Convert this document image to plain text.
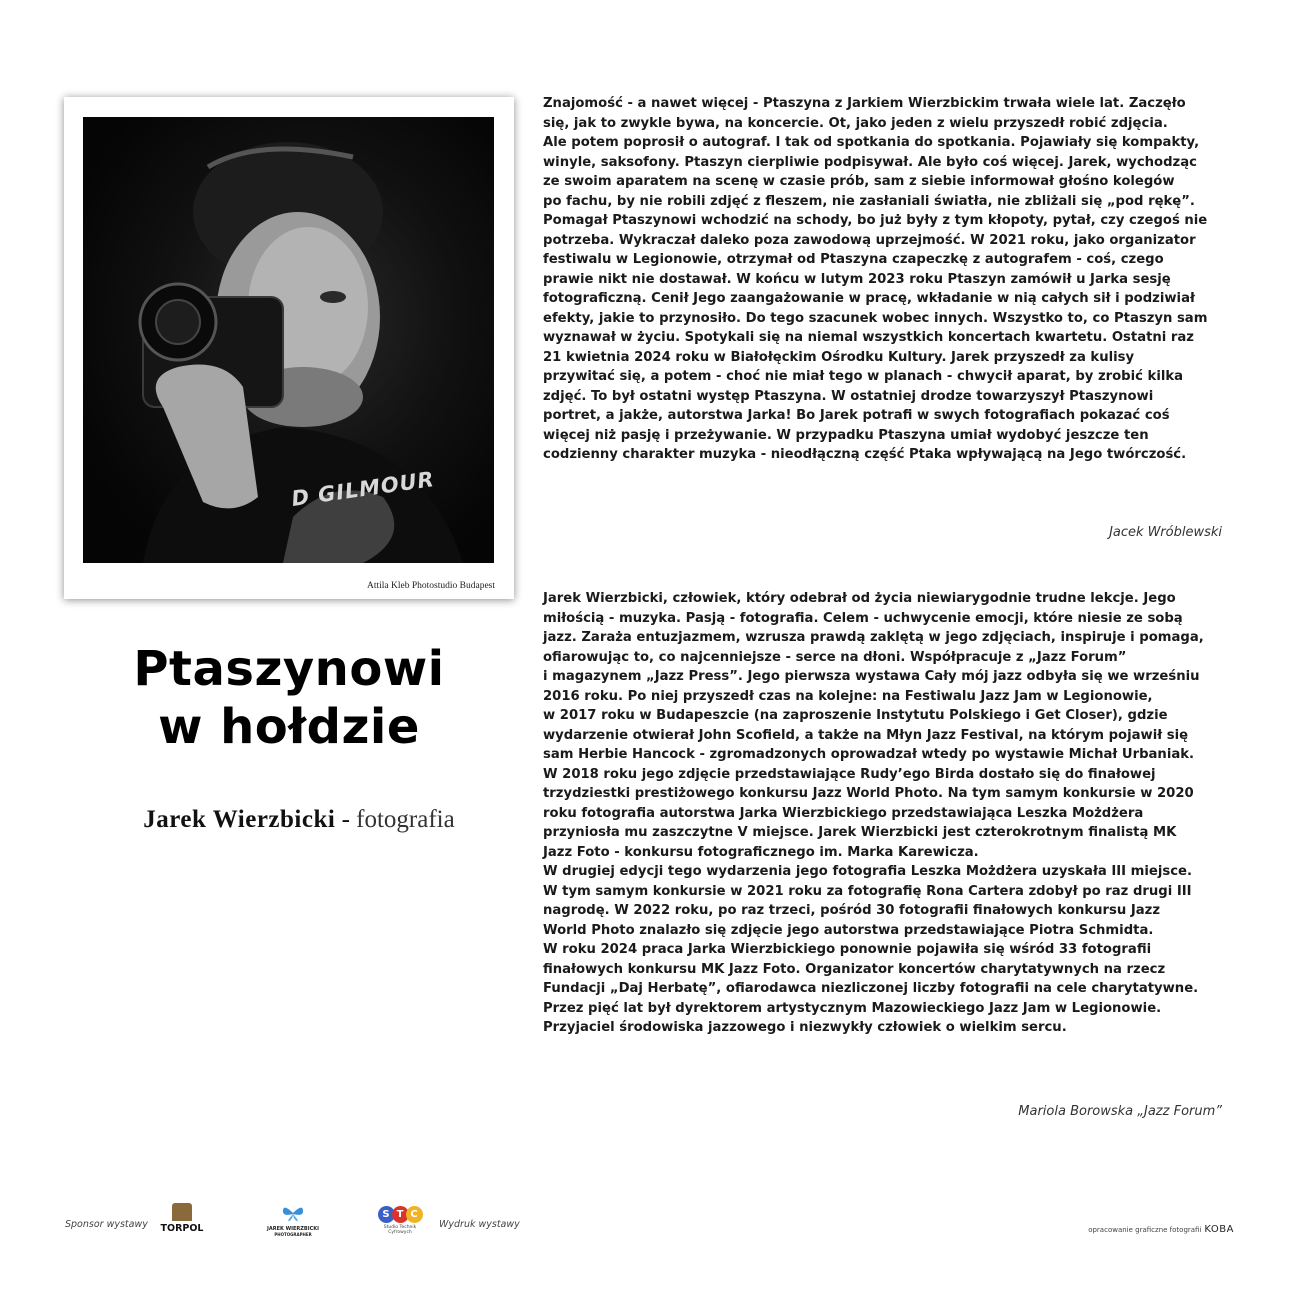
D GILMOUR
Attila Kleb Photostudio Budapest
Ptaszynowi
w hołdzie
Jarek Wierzbicki - fotografia
Znajomość - a nawet więcej - Ptaszyna z Jarkiem Wierzbickim trwała wiele lat. Zaczęło
się, jak to zwykle bywa, na koncercie. Ot, jako jeden z wielu przyszedł robić zdjęcia.
Ale potem poprosił o autograf. I tak od spotkania do spotkania. Pojawiały się kompakty,
winyle, saksofony. Ptaszyn cierpliwie podpisywał. Ale było coś więcej. Jarek, wychodząc
ze swoim aparatem na scenę w czasie prób, sam z siebie informował głośno kolegów
po fachu, by nie robili zdjęć z fleszem, nie zasłaniali światła, nie zbliżali się „pod rękę”.
Pomagał Ptaszynowi wchodzić na schody, bo już były z tym kłopoty, pytał, czy czegoś nie
potrzeba. Wykraczał daleko poza zawodową uprzejmość. W 2021 roku, jako organizator
festiwalu w Legionowie, otrzymał od Ptaszyna czapeczkę z autografem - coś, czego
prawie nikt nie dostawał. W końcu w lutym 2023 roku Ptaszyn zamówił u Jarka sesję
fotograficzną. Cenił Jego zaangażowanie w pracę, wkładanie w nią całych sił i podziwiał
efekty, jakie to przynosiło. Do tego szacunek wobec innych. Wszystko to, co Ptaszyn sam
wyznawał w życiu. Spotykali się na niemal wszystkich koncertach kwartetu. Ostatni raz
21 kwietnia 2024 roku w Białołęckim Ośrodku Kultury. Jarek przyszedł za kulisy
przywitać się, a potem - choć nie miał tego w planach - chwycił aparat, by zrobić kilka
zdjęć. To był ostatni występ Ptaszyna. W ostatniej drodze towarzyszył Ptaszynowi
portret, a jakże, autorstwa Jarka! Bo Jarek potrafi w swych fotografiach pokazać coś
więcej niż pasję i przeżywanie. W przypadku Ptaszyna umiał wydobyć jeszcze ten
codzienny charakter muzyka - nieodłączną część Ptaka wpływającą na Jego twórczość.
Jacek Wróblewski
Jarek Wierzbicki, człowiek, który odebrał od życia niewiarygodnie trudne lekcje. Jego
miłością - muzyka. Pasją - fotografia. Celem - uchwycenie emocji, które niesie ze sobą
jazz. Zaraża entuzjazmem, wzrusza prawdą zaklętą w jego zdjęciach, inspiruje i pomaga,
ofiarowując to, co najcenniejsze - serce na dłoni. Współpracuje z „Jazz Forum”
i magazynem „Jazz Press”. Jego pierwsza wystawa Cały mój jazz odbyła się we wrześniu
2016 roku. Po niej przyszedł czas na kolejne: na Festiwalu Jazz Jam w Legionowie,
w 2017 roku w Budapeszcie (na zaproszenie Instytutu Polskiego i Get Closer), gdzie
wydarzenie otwierał John Scofield, a także na Młyn Jazz Festival, na którym pojawił się
sam Herbie Hancock - zgromadzonych oprowadzał wtedy po wystawie Michał Urbaniak.
W 2018 roku jego zdjęcie przedstawiające Rudy’ego Birda dostało się do finałowej
trzydziestki prestiżowego konkursu Jazz World Photo. Na tym samym konkursie w 2020
roku fotografia autorstwa Jarka Wierzbickiego przedstawiająca Leszka Możdżera
przyniosła mu zaszczytne V miejsce. Jarek Wierzbicki jest czterokrotnym finalistą MK
Jazz Foto - konkursu fotograficznego im. Marka Karewicza.
W drugiej edycji tego wydarzenia jego fotografia Leszka Możdżera uzyskała III miejsce.
W tym samym konkursie w 2021 roku za fotografię Rona Cartera zdobył po raz drugi III
nagrodę. W 2022 roku, po raz trzeci, pośród 30 fotografii finałowych konkursu Jazz
World Photo znalazło się zdjęcie jego autorstwa przedstawiające Piotra Schmidta.
W roku 2024 praca Jarka Wierzbickiego ponownie pojawiła się wśród 33 fotografii
finałowych konkursu MK Jazz Foto. Organizator koncertów charytatywnych na rzecz
Fundacji „Daj Herbatę”, ofiarodawca niezliczonej liczby fotografii na cele charytatywne.
Przez pięć lat był dyrektorem artystycznym Mazowieckiego Jazz Jam w Legionowie.
Przyjaciel środowiska jazzowego i niezwykły człowiek o wielkim sercu.
Mariola Borowska „Jazz Forum”
Sponsor wystawy TORPOL	JAREK WIERZBICKI
PHOTOGRAPHER
S T C
Studio Technik Cyfrowych
Wydruk wystawy	opracowanie graficzne fotografii KOBA
